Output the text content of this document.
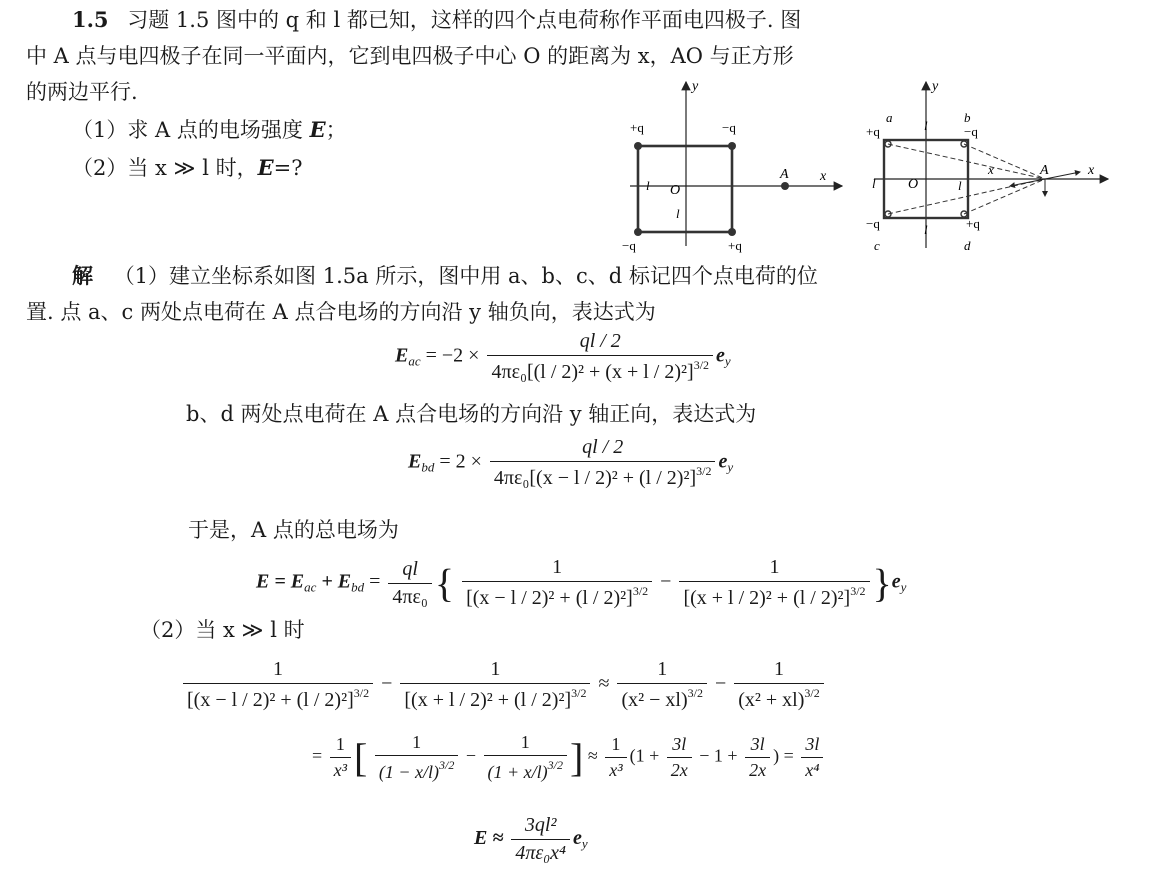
1.5 习题 1.5 图中的 q 和 l 都已知，这样的四个点电荷称作平面电四极子. 图
中 A 点与电四极子在同一平面内，它到电四极子中心 O 的距离为 x，AO 与正方形
的两边平行.
（1）求 A 点的电场强度 E；
（2）当 x ≫ l 时，E=?
y
x
O
A
+q	−q
−q	+q
l
l
y
x
O
A
a	b
c	d
+q	−q
−q	+q
l
l
l	l
x
解 （1）建立坐标系如图 1.5a 所示，图中用 a、b、c、d 标记四个点电荷的位
置. 点 a、c 两处点电荷在 A 点合电场的方向沿 y 轴负向，表达式为
$E_{ac} = -2 \times \frac{ql / 2}{4\pi\varepsilon_0[(l / 2)^2 + (x + l / 2)^2]^{3/2}} e_y$
b、d 两处点电荷在 A 点合电场的方向沿 y 轴正向，表达式为
$E_{bd} = 2 \times \frac{ql / 2}{4\pi\varepsilon_0[(x - l / 2)^2 + (l / 2)^2]^{3/2}} e_y$
于是，A 点的总电场为
$E = E_{ac} + E_{bd} = \frac{ql}{\text{4πε₀}}$ { $\frac{1}{[(x - l / 2)^2 + (l / 2)^2]^{3/2}} - \frac{1}{[(x + l / 2)^2 + (l / 2)^2]^{3/2}} \}e_y$
（2）当 x ≫ l 时
$\frac{1}{[(x - l / 2)^2 + (l / 2)^2]^{3/2}} - \frac{1}{[(x + l / 2)^2 + (l / 2)^2]^{3/2}} \approx \frac{1}{(x^2 - xl)^{3/2}} - \frac{1}{(x^2 + xl)^{3/2}}$
= $\frac{1}{\text{x³}}$ [ $\frac{1}{(1 - x/l)^{3/2}} - \frac{1}{(1 + x/l)^{3/2}}$ ] ≈ $\frac{1}{\text{x³}} (1 + \frac{3l}{2x} - 1 + \frac{3l}{2x}$ ) = $\frac{3l}{\text{x⁴}}$
$E \approx \frac{\text{3ql²}}{\text{4πε₀x⁴}} e_y$
